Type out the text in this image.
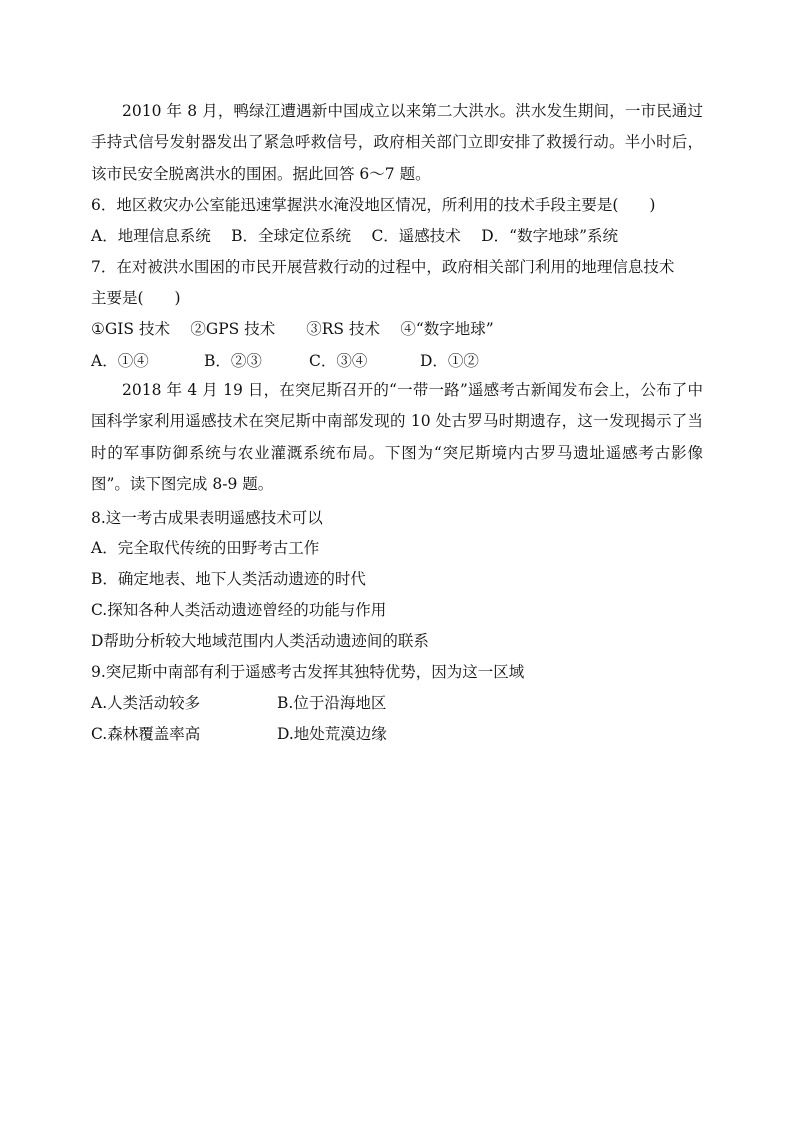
2010 年 8 月，鸭绿江遭遇新中国成立以来第二大洪水。洪水发生期间，一市民通过手持式信号发射器发出了紧急呼救信号，政府相关部门立即安排了救援行动。半小时后，该市民安全脱离洪水的围困。据此回答 6～7 题。
6．地区救灾办公室能迅速掌握洪水淹没地区情况，所利用的技术手段主要是(　　)
A．地理信息系统　 B．全球定位系统　 C．遥感技术　 D．“数字地球”系统
7．在对被洪水围困的市民开展营救行动的过程中，政府相关部门利用的地理信息技术
主要是(　　)
①GIS 技术　 ②GPS 技术　　③RS 技术　 ④“数字地球”
A．①④	B．②③	C．③④	D．①②
2018 年 4 月 19 日，在突尼斯召开的“一带一路”遥感考古新闻发布会上，公布了中国科学家利用遥感技术在突尼斯中南部发现的 10 处古罗马时期遗存，这一发现揭示了当时的军事防御系统与农业灌溉系统布局。下图为“突尼斯境内古罗马遗址遥感考古影像图”。读下图完成 8-9 题。
8.这一考古成果表明遥感技术可以
A．完全取代传统的田野考古工作
B．确定地表、地下人类活动遗迹的时代
C.探知各种人类活动遗迹曾经的功能与作用
D帮助分析较大地域范围内人类活动遗迹间的联系
9.突尼斯中南部有利于遥感考古发挥其独特优势，因为这一区域
A.人类活动较多	B.位于沿海地区
C.森林覆盖率高	D.地处荒漠边缘
